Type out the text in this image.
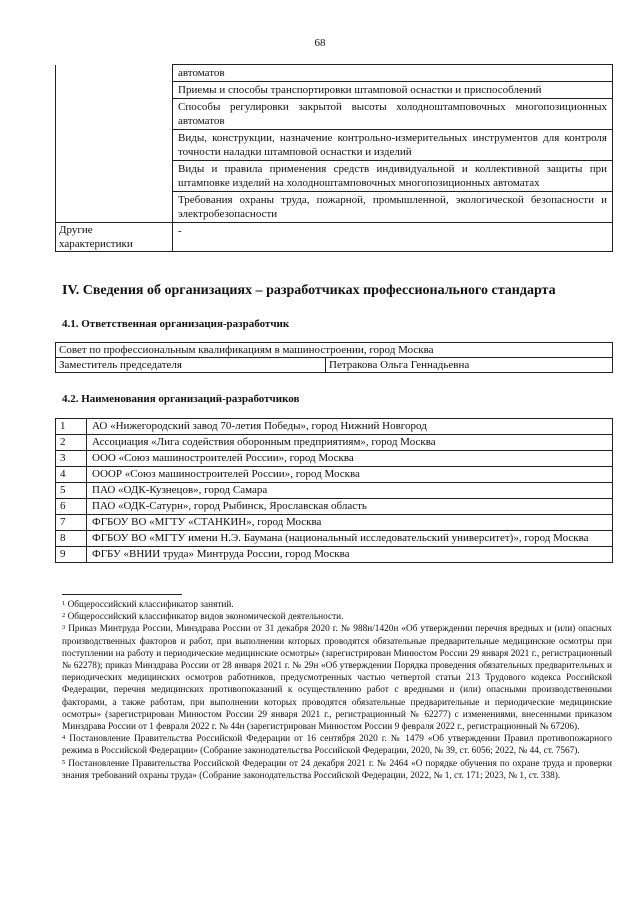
68
	автоматов
	Приемы и способы транспортировки штамповой оснастки и приспособлений
	Способы регулировки закрытой высоты холодноштамповочных многопозиционных автоматов
	Виды, конструкции, назначение контрольно-измерительных инструментов для контроля точности наладки штамповой оснастки и изделий
	Виды и правила применения средств индивидуальной и коллективной защиты при штамповке изделий на холодноштамповочных многопозиционных автоматах
	Требования охраны труда, пожарной, промышленной, экологической безопасности и электробезопасности
Другие характеристики	-
IV. Сведения об организациях – разработчиках профессионального стандарта
4.1. Ответственная организация-разработчик
Совет по профессиональным квалификациям в машиностроении, город Москва
Заместитель председателя	Петракова Ольга Геннадьевна
4.2. Наименования организаций-разработчиков
1	АО «Нижегородский завод 70-летия Победы», город Нижний Новгород
2	Ассоциация «Лига содействия оборонным предприятиям», город Москва
3	ООО «Союз машиностроителей России», город Москва
4	ООOР «Союз машиностроителей России», город Москва
5	ПАО «ОДК-Кузнецов», город Самара
6	ПАО «ОДК-Сатурн», город Рыбинск, Ярославская область
7	ФГБОУ ВО «МГТУ «СТАНКИН», город Москва
8	ФГБОУ ВО «МГТУ имени Н.Э. Баумана (национальный исследовательский университет)», город Москва
9	ФГБУ «ВНИИ труда» Минтруда России, город Москва

$^1$ Общероссийский классификатор занятий.

$^2$ Общероссийский классификатор видов экономической деятельности.

$^3$ Приказ Минтруда России, Минздрава России от 31 декабря 2020 г. № 988н/1420н «Об утверждении перечня вредных и (или) опасных производственных факторов и работ, при выполнении которых проводятся обязательные предварительные медицинские осмотры при поступлении на работу и периодические медицинские осмотры» (зарегистрирован Минюстом России 29 января 2021 г., регистрационный № 62278); приказ Минздрава России от 28 января 2021 г. № 29н «Об утверждении Порядка проведения обязательных предварительных и периодических медицинских осмотров работников, предусмотренных частью четвертой статьи 213 Трудового кодекса Российской Федерации, перечня медицинских противопоказаний к осуществлению работ с вредными и (или) опасными производственными факторами, а также работам, при выполнении которых проводятся обязательные предварительные и периодические медицинские осмотры» (зарегистрирован Минюстом России 29 января 2021 г., регистрационный № 62277) с изменениями, внесенными приказом Минздрава России от 1 февраля 2022 г. № 44н (зарегистрирован Минюстом России 9 февраля 2022 г., регистрационный № 67206).

$^4$ Постановление Правительства Российской Федерации от 16 сентября 2020 г. № 1479 «Об утверждении Правил противопожарного режима в Российской Федерации» (Собрание законодательства Российской Федерации, 2020, № 39, ст. 6056; 2022, № 44, ст. 7567).

$^5$ Постановление Правительства Российской Федерации от 24 декабря 2021 г. № 2464 «О порядке обучения по охране труда и проверки знания требований охраны труда» (Собрание законодательства Российской Федерации, 2022, № 1, ст. 171; 2023, № 1, ст. 338).
